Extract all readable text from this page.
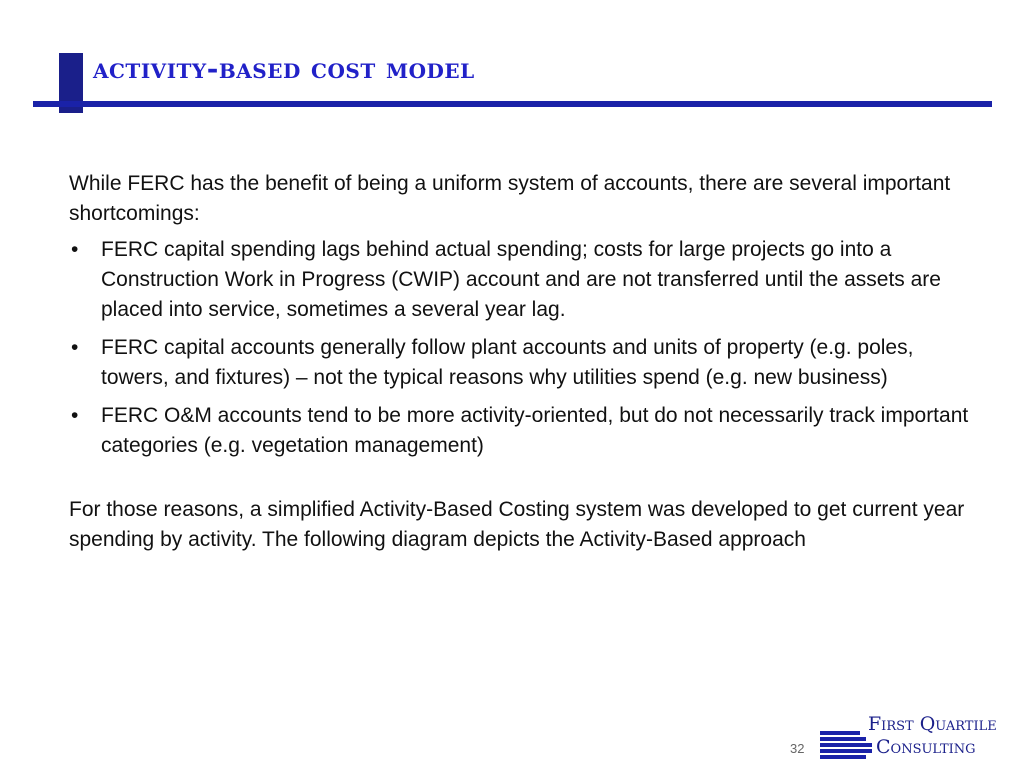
activity-based cost model

While FERC has the benefit of being a uniform system of accounts, there are several important shortcomings:

• FERC capital spending lags behind actual spending; costs for large projects go into a Construction Work in Progress (CWIP) account and are not transferred until the assets are placed into service, sometimes a several year lag.
• FERC capital accounts generally follow plant accounts and units of property (e.g. poles, towers, and fixtures) – not the typical reasons why utilities spend (e.g. new business)
• FERC O&M accounts tend to be more activity-oriented, but do not necessarily track important categories (e.g. vegetation management)

For those reasons, a simplified Activity-Based Costing system was developed to get current year spending by activity. The following diagram depicts the Activity-Based approach

32
First Quartile
Consulting
